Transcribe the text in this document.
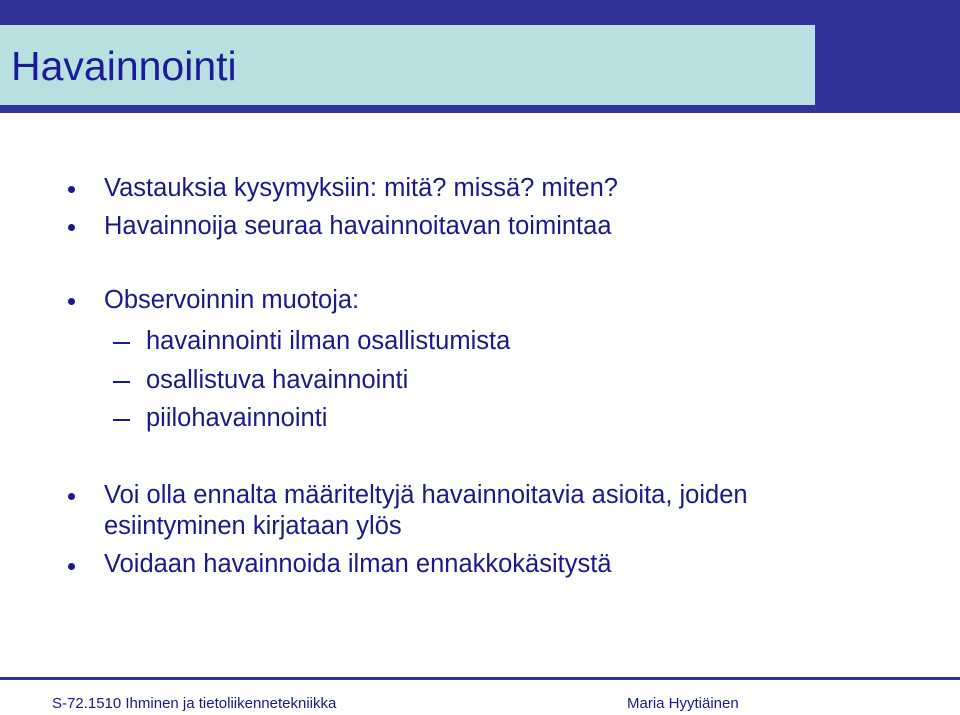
Havainnointi
Vastauksia kysymyksiin: mitä? missä? miten?
Havainnoija seuraa havainnoitavan toimintaa
Observoinnin muotoja:
havainnointi ilman osallistumista
osallistuva havainnointi
piilohavainnointi
Voi olla ennalta määriteltyjä havainnoitavia asioita, joiden
esiintyminen kirjataan ylös
Voidaan havainnoida ilman ennakkokäsitystä
S-72.1510 Ihminen ja tietoliikennetekniikka	Maria Hyytiäinen
